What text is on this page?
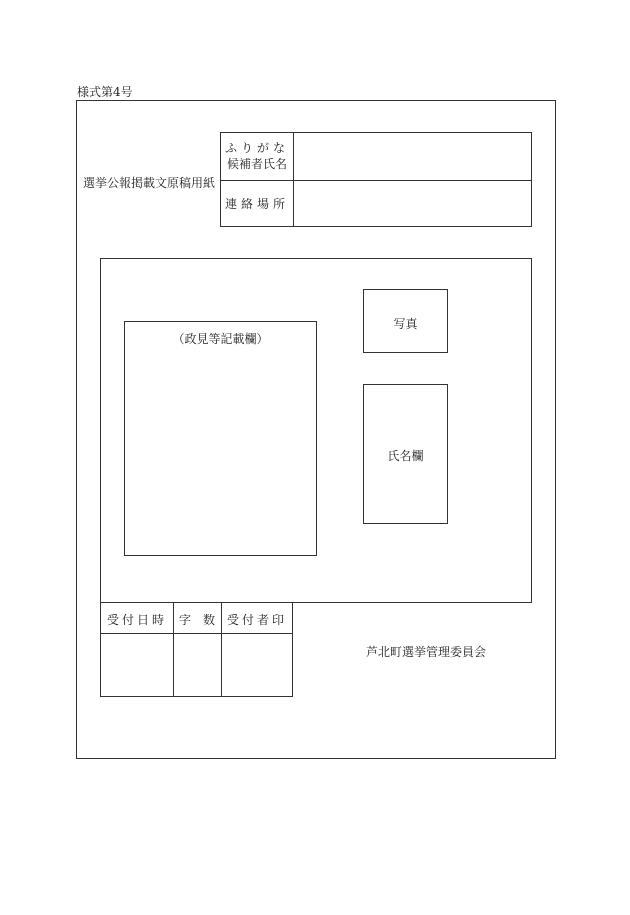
様式第4号
選挙公報掲載文原稿用紙
ふりがな
候補者氏名
連絡場所
（政見等記載欄）
写真
氏名欄
受付日時 字　数 受付者印
芦北町選挙管理委員会
